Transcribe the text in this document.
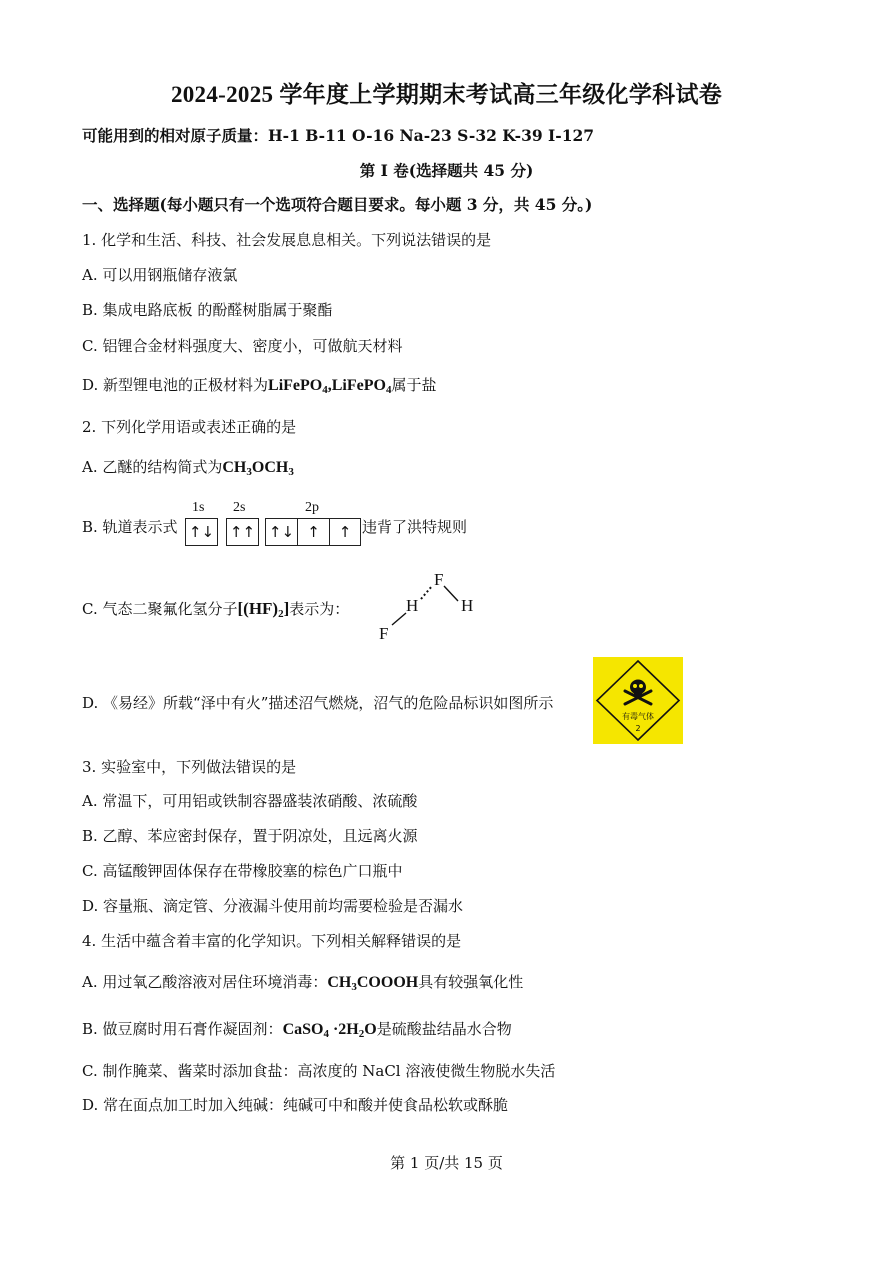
2024-2025 学年度上学期期末考试高三年级化学科试卷
可能用到的相对原子质量：H-1 B-11 O-16 Na-23 S-32 K-39 I-127
第 I 卷(选择题共 45 分)
一、选择题(每小题只有一个选项符合题目要求。每小题 3 分，共 45 分。)
1. 化学和生活、科技、社会发展息息相关。下列说法错误的是
A. 可以用钢瓶储存液氯
B. 集成电路底板 的酚醛树脂属于聚酯
C. 铝锂合金材料强度大、密度小，可做航天材料
D. 新型锂电池的正极材料为LiFePO$_4$,LiFePO$_4$属于盐
2. 下列化学用语或表述正确的是
A. 乙醚的结构简式为$CH_3OCH_3$
B. 轨道表示式
1s 2s	2p
↑↓ ↑↑ ↑↓ ↑	↑ 违背了洪特规则
C. 气态二聚氟化氢分子$[(HF)_2]$表示为：
F
H	H
F
D. 《易经》所载“泽中有火”描述沼气燃烧，沼气的危险品标识如图所示
有毒气体
2
3. 实验室中，下列做法错误的是
A. 常温下，可用铝或铁制容器盛装浓硝酸、浓硫酸
B. 乙醇、苯应密封保存，置于阴凉处，且远离火源
C. 高锰酸钾固体保存在带橡胶塞的棕色广口瓶中
D. 容量瓶、滴定管、分液漏斗使用前均需要检验是否漏水
4. 生活中蕴含着丰富的化学知识。下列相关解释错误的是
A. 用过氧乙酸溶液对居住环境消毒：$CH_3COOOH$具有较强氧化性
B. 做豆腐时用石膏作凝固剂：CaSO$_4$ $\cdot 2H_2O$是硫酸盐结晶水合物
C. 制作腌菜、酱菜时添加食盐：高浓度的 NaCl 溶液使微生物脱水失活
D. 常在面点加工时加入纯碱：纯碱可中和酸并使食品松软或酥脆
第 1 页/共 15 页
